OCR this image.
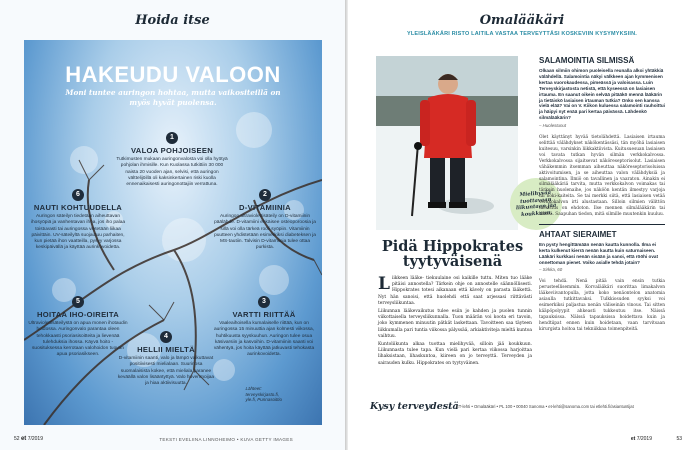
Hoida itse
HAKEUDU VALOON
Moni tuntee auringon hohtaa, mutta vaikositeillä on myös hyvät puolensa.
1
VALOA POHJOISEEN
Tutkimusten mukaan auringonvalosta voi olla hyötyä pohjolan ihmisille. Kun Kuolassa tutkittiin 30 000 naista 20 vuoden ajan, selvisi, että auringon välttelijöillä oli kaksinkertainen riski kuolla ennenaikaisesti auringonottajiin verrattuna.
2
D-VITAMIINIA
Auringon ultraviolettisäteily on D-vitamiinin päälähde. D-vitamiini ehkäisee osteoporoosia ja sillä voi olla tärkeä rooli syöpiin. Vitamiinin puutteen yhdistetään esimerkiksi diabeteksen ja MS-tautiin. Talvisin D-vitamiinia tulee ottaa purkista.
3
VARTTI RIITTÄÄ
Vaaleaihoisella kumalaiselle riittää, kun on auringossa 15 minuuttia ajan kolmesti viikossa, huhtikuusta syyskuuhun. Auringon tulee osua käsivarsiin ja kasvoihin. D-vitamiinin saanti voi vähentyä, jos hoita käyttää jatkuvasti tehokasta aurinkovoidetta.
4
HELLII MIELTÄ
D-vitamiinin saanti, valo ja lämpö vaikuttavat positiivisesti mielialaan. Suurinosa suomalaisista kokee, että mieliala paranee keväällä valon lisääntyttyä. Valo huvenmoijaa ja hiaa aktiivisuutta.
5
HOITAA IHO-OIREITA
Ultraviolettisäteilystä on apua monen ihotaudin hoidossa. Auringonvalo parantaa oleen tehokkaasti psoriasisoitteita ja lievenää tulehduksia ihossa. Käyvä hoito -suosituksessa kerrotaan valohoidon tuovan apua psoriasikseen.
6
NAUTI KOHTUUDELLA
Auringon säteilyn tiedetään aiheuttavan ihosyöpiä ja vanhentavan ihoa, jos iho palaa toistuvasti tai auringossa vietetään liikaa päivittäin. UV-säteilyltä suojautuu parhaiten, kun pietää ihon vaatteilla, pysyy varjossa keskipäivällä ja käyttää aurinkovoidetta.
Lähteet:
terveyskirjasto.fi,
yle.fi, Punnasoittio
52 et 7/2019	TEKSTI EVELIINA LINNOHEIMO • KUVA GETTY IMAGES
Omalääkäri
YLEISLÄÄKÄRI RISTO LAITILA VASTAA TERVEYTTÄSI KOSKEVIIN KYSYMYKSIIN.
Mielihyvää tuottavaan liikuntaan jää koukkuun.
Pidä Hippokrates tyytyväisenä
L iikkeen lääke- tiekuulaine osi kaikille tuttu. Miten tuo lääke pitäisi annostella? Tärkein ohje on annostelle säännöllisesti. Hippokrates totesi aikanaan että kävely on parasta lääkettä. Nyt hän sanoisi, että huolehdi että saat arjessasi riittävästi terveysliikuntaa.

Liikunnan lääkevaikutus tulee esiin jo kahden ja puolen tunnin viikottaisella terveysliikunnalla. Tuon määrän voi koota eri tavoin, joko kymmenen minuutin pätkät laskettaan. Tavoitteen saa täyteen liikkumalla pari tuntia viikossa pälyssää, arkiaktiviteja mieltä kuntoa vaihtuu.

Kuntoliikunta alkaa tuottaa mielihyvää, silloin jää koukkuun. Liikunnasta tulee tapa. Kun vielä pari kertaa viikossa harjoittaa lihaksistaan, lihaskuntoa, kiireen on jo terveyttä. Terveyden ja sairauden kulku. Hippokrates on tyytyväinen.

Kysy terveydestä
ET-lehti • Omalääkäri • PL 100 • 00040 Sanoma • et-lehti@sanoma.com tai etlehti.fi/asiantuntijat
SALAMOINTIA SILMISSÄ
Olkaan silmiin ohimon puoleisella reunalla alkoi yhtäkkiä välähdellä. Salamointia näkyi välkkeen ajan kymmenisen kertaa vuorokaudessa, pimeässä ja valoisassa. Luin Terveyskirjastosta netistä, että kyseessä on lasiaisen irtauma. En saanut oikein selvää pitääkö mennä lääkärin ja tietäiskö lasiaisen irtauman tutkia? Onko sen kanssa vielä elää? Vai on V. Kiikon kuluessa salamointi rauhoittui ja häipyi nyt enää pari kertaa päivässä. Lähdenkö silmälääkärin?
– Huolestunut
Olet käyttänyt hyvää tietolähdettä. Lasiaisen irtauma selittää välähdykset näkökentässäsi, tän myöhä lasiaisen kuitesuu, varsinkin liikkaktiivista. Kuitusuesuan lasiaisen voi tavata tutkan hyvän silmän verkkokalvossa. Verkkokalvossa sijaitsevat näköreseptorisolut. Lasiaisen vähäkemmin itsemman aiheuttaa näköreseptorisoluissa aktivoitumisen, ja se aiheuttaa valon välähdyksiä ja salamointina. Ilmiö on tavallinen ja vaaraton. Ainakin ei silmälääkäriä tarvita, mutta verkkokalvon voimakas tai tärkein huolenaihe, jos näköön kentän ilmestyy varjoja tai noki-kaiteita. Se tai merkki siitä, että lasiaisen vetää verkkokalvon irti alustastaan. Silloin silmien välittön tarkistus on ehdoton. Ilse mennen silmälääkärin tai lähteä. Saapuhan tiedon, mitä silmille muutenkin kuuluu.
AHTAAT SIERAIMET
En pysty hengittämään nenän kautta kunnolla. Ilma ei kerta kulkenut kierrä nenän kautta kuin saturnaiseen. Lääkäri kurkkasi nenän sisään ja sanoi, että rööhi ovat onnettoman pienet. Voiko asialle tehdä jotain?
– Sirkka, 60
Voi tehdä. Nenä pitää vain ensin tutkia perusteellisemmin. Korvalääkäri suorittaa limakalvon lääkeviivantopulla, jotta koko nenäontelon anatomia asiaulla tutkittavaksi. Tulkkiosuden syyksi voi esimerkiksi paljastua nenän väliseinän vinous. Tai sitten kääpöpolyypit ahkeasti tukkeutuu itse. Näissä tapauksissa. Nälssä tapauksissa hoidettava kuin ja hendtiipat ennen kuin hoidetaan, vaan tarvitsaan kirurgista hoitoa tai tekniikkaa toimenpiteitä.
et 7/2019	53
